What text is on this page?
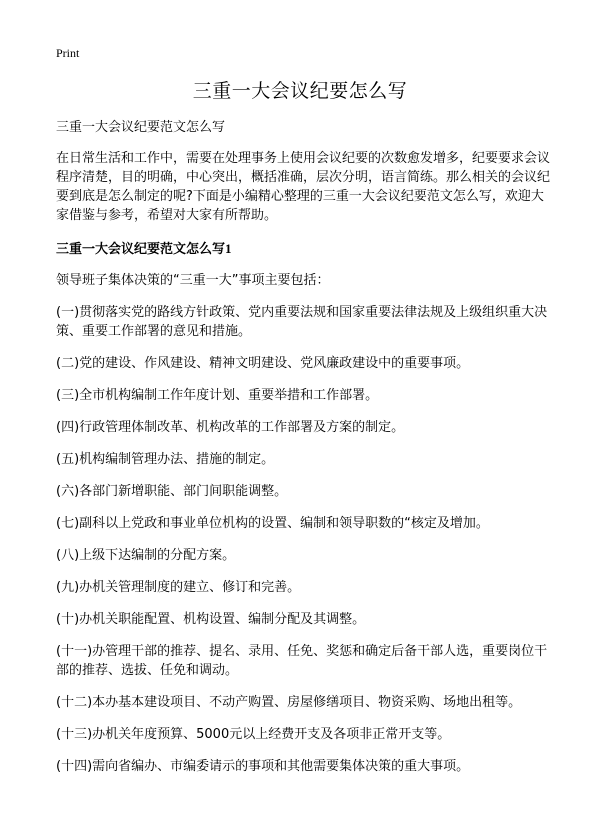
Print
三重一大会议纪要怎么写

三重一大会议纪要范文怎么写

在日常生活和工作中，需要在处理事务上使用会议纪要的次数愈发增多，纪要要求会议程序清楚，目的明确，中心突出，概括准确，层次分明，语言简练。那么相关的会议纪要到底是怎么制定的呢?下面是小编精心整理的三重一大会议纪要范文怎么写，欢迎大家借鉴与参考，希望对大家有所帮助。

三重一大会议纪要范文怎么写1

领导班子集体决策的“三重一大”事项主要包括：

(一)贯彻落实党的路线方针政策、党内重要法规和国家重要法律法规及上级组织重大决策、重要工作部署的意见和措施。

(二)党的建设、作风建设、精神文明建设、党风廉政建设中的重要事项。

(三)全市机构编制工作年度计划、重要举措和工作部署。

(四)行政管理体制改革、机构改革的工作部署及方案的制定。

(五)机构编制管理办法、措施的制定。

(六)各部门新增职能、部门间职能调整。

(七)副科以上党政和事业单位机构的设置、编制和领导职数的“核定及增加。

(八)上级下达编制的分配方案。

(九)办机关管理制度的建立、修订和完善。

(十)办机关职能配置、机构设置、编制分配及其调整。

(十一)办管理干部的推荐、提名、录用、任免、奖惩和确定后备干部人选，重要岗位干部的推荐、选拔、任免和调动。

(十二)本办基本建设项目、不动产购置、房屋修缮项目、物资采购、场地出租等。

(十三)办机关年度预算、5000元以上经费开支及各项非正常开支等。

(十四)需向省编办、市编委请示的事项和其他需要集体决策的重大事项。
